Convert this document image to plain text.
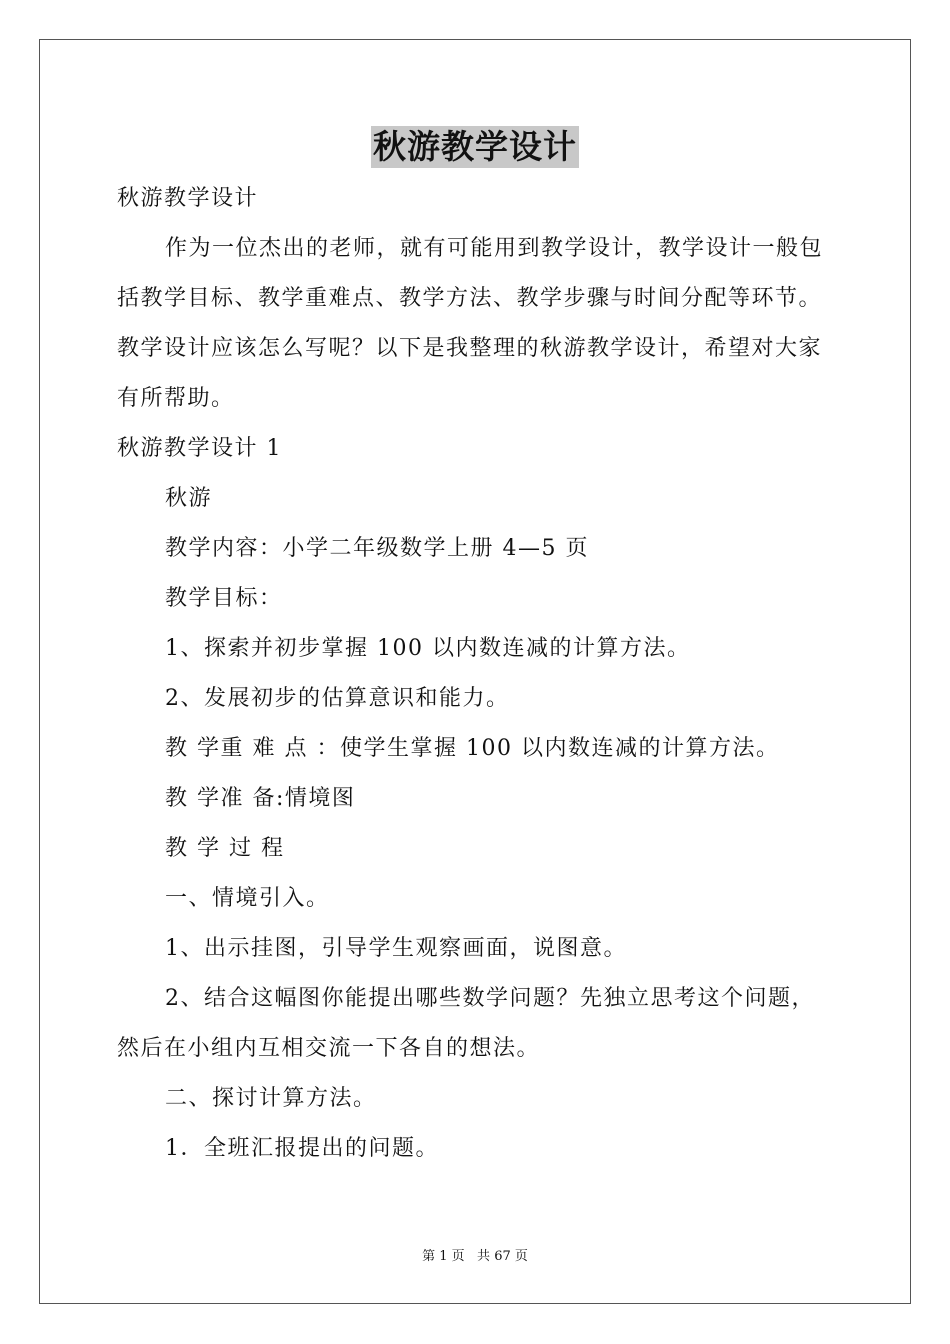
秋游教学设计
秋游教学设计
作为一位杰出的老师，就有可能用到教学设计，教学设计一般包
括教学目标、教学重难点、教学方法、教学步骤与时间分配等环节。
教学设计应该怎么写呢？以下是我整理的秋游教学设计，希望对大家
有所帮助。
秋游教学设计 1
秋游
教学内容：小学二年级数学上册 4—5 页
教学目标：
1、探索并初步掌握 100 以内数连减的计算方法。
2、发展初步的估算意识和能力。
教 学重 难 点 ：使学生掌握 100 以内数连减的计算方法。
教 学准 备:情境图
教 学 过 程
一、情境引入。
1、出示挂图，引导学生观察画面，说图意。
2、结合这幅图你能提出哪些数学问题？先独立思考这个问题，
然后在小组内互相交流一下各自的想法。
二、探讨计算方法。
1．全班汇报提出的问题。
第 1 页   共 67 页
